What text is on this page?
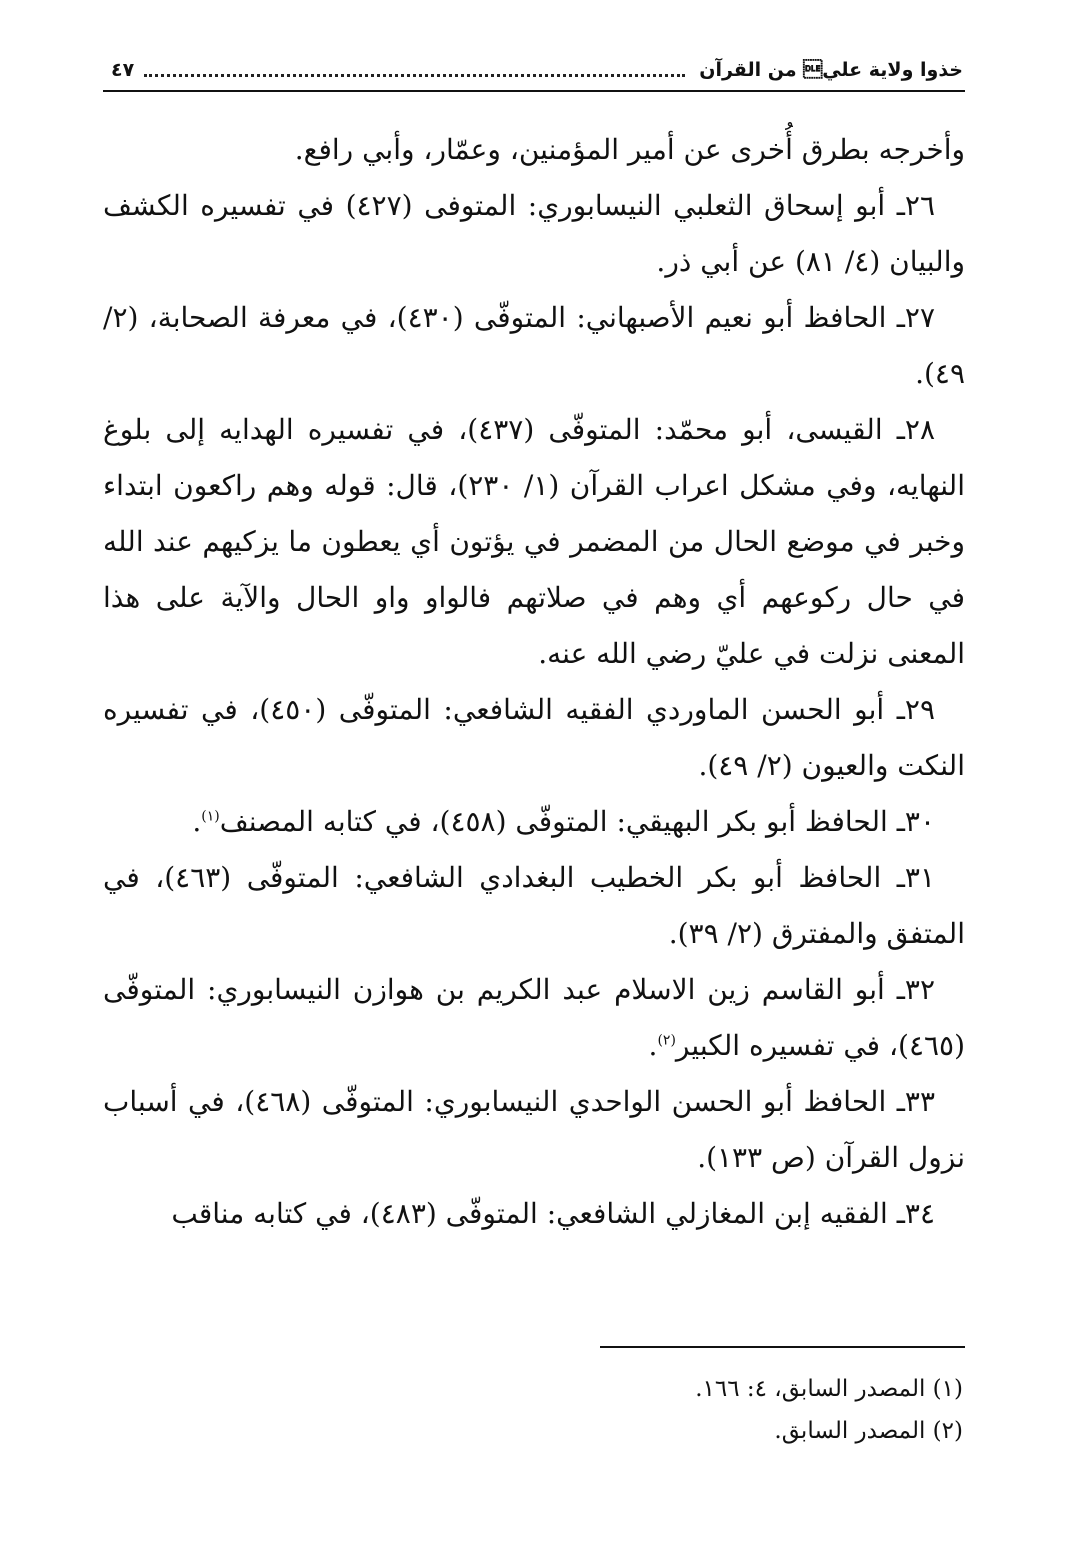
خذوا ولاية علي من القرآن
٤٧

وأخرجه بطرق أُخرى عن أمير المؤمنين، وعمّار، وأبي رافع.

٢٦ـ أبو إسحاق الثعلبي النيسابوري: المتوفى (٤٢٧) في تفسيره الكشف والبيان (٤/ ٨١) عن أبي ذر.

٢٧ـ الحافظ أبو نعيم الأصبهاني: المتوفّى (٤٣٠)، في معرفة الصحابة، (٢/ ٤٩).

٢٨ـ القيسى، أبو محمّد: المتوفّى (٤٣٧)، في تفسيره الهدايه إلى بلوغ النهايه، وفي مشكل اعراب القرآن (١/ ٢٣٠)، قال: قوله وهم راكعون ابتداء وخبر في موضع الحال من المضمر في يؤتون أي يعطون ما يزكيهم عند الله في حال ركوعهم أي وهم في صلاتهم فالواو واو الحال والآية على هذا المعنى نزلت في عليّ رضي الله عنه.

٢٩ـ أبو الحسن الماوردي الفقيه الشافعي: المتوفّى (٤٥٠)، في تفسيره النكت والعيون (٢/ ٤٩).

٣٠ـ الحافظ أبو بكر البهيقي: المتوفّى (٤٥٨)، في كتابه المصنف$^{(١)}$.

٣١ـ الحافظ أبو بكر الخطيب البغدادي الشافعي: المتوفّى (٤٦٣)، في المتفق والمفترق (٢/ ٣٩).

٣٢ـ أبو القاسم زين الاسلام عبد الكريم بن هوازن النيسابوري: المتوفّى (٤٦٥)، في تفسيره الكبير$^{(٢)}$.

٣٣ـ الحافظ أبو الحسن الواحدي النيسابوري: المتوفّى (٤٦٨)، في أسباب نزول القرآن (ص ١٣٣).

٣٤ـ الفقيه إبن المغازلي الشافعي: المتوفّى (٤٨٣)، في كتابه مناقب

(١) المصدر السابق، ٤: ١٦٦.

(٢) المصدر السابق.
